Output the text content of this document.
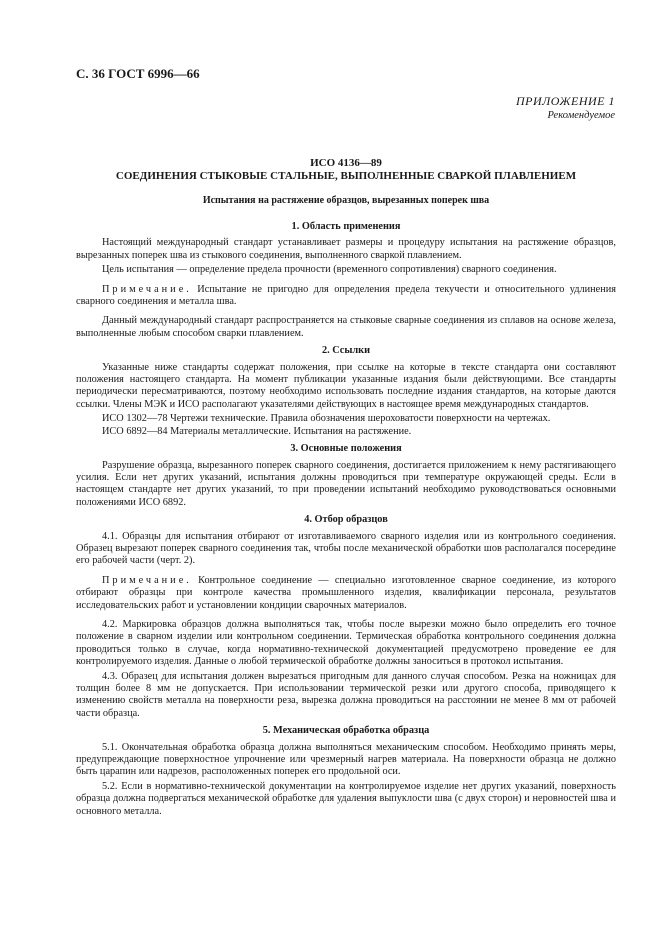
С. 36 ГОСТ 6996—66
ПРИЛОЖЕНИЕ 1
Рекомендуемое
ИСО 4136—89
СОЕДИНЕНИЯ СТЫКОВЫЕ СТАЛЬНЫЕ, ВЫПОЛНЕННЫЕ СВАРКОЙ ПЛАВЛЕНИЕМ
Испытания на растяжение образцов, вырезанных поперек шва
1. Область применения

Настоящий международный стандарт устанавливает размеры и процедуру испытания на растяжение образцов, вырезанных поперек шва из стыкового соединения, выполненного сваркой плавлением.

Цель испытания — определение предела прочности (временного сопротивления) сварного соединения.

Примечание. Испытание не пригодно для определения предела текучести и относительного удлинения сварного соединения и металла шва.

Данный международный стандарт распространяется на стыковые сварные соединения из сплавов на основе железа, выполненные любым способом сварки плавлением.

2. Ссылки

Указанные ниже стандарты содержат положения, при ссылке на которые в тексте стандарта они составляют положения настоящего стандарта. На момент публикации указанные издания были действующими. Все стандарты периодически пересматриваются, поэтому необходимо использовать последние издания стандартов, на которые даются ссылки. Члены МЭК и ИСО располагают указателями действующих в настоящее время международных стандартов.

ИСО 1302—78 Чертежи технические. Правила обозначения шероховатости поверхности на чертежах.

ИСО 6892—84 Материалы металлические. Испытания на растяжение.

3. Основные положения

Разрушение образца, вырезанного поперек сварного соединения, достигается приложением к нему растягивающего усилия. Если нет других указаний, испытания должны проводиться при температуре окружающей среды. Если в настоящем стандарте нет других указаний, то при проведении испытаний необходимо руководствоваться основными положениями ИСО 6892.

4. Отбор образцов

4.1. Образцы для испытания отбирают от изготавливаемого сварного изделия или из контрольного соединения. Образец вырезают поперек сварного соединения так, чтобы после механической обработки шов располагался посередине его рабочей части (черт. 2).

Примечание. Контрольное соединение — специально изготовленное сварное соединение, из которого отбирают образцы при контроле качества промышленного изделия, квалификации персонала, результатов исследовательских работ и установлении кондиции сварочных материалов.

4.2. Маркировка образцов должна выполняться так, чтобы после вырезки можно было определить его точное положение в сварном изделии или контрольном соединении. Термическая обработка контрольного соединения должна проводиться только в случае, когда нормативно-технической документацией предусмотрено проведение ее для контролируемого изделия. Данные о любой термической обработке должны заноситься в протокол испытания.

4.3. Образец для испытания должен вырезаться пригодным для данного случая способом. Резка на ножницах для толщин более 8 мм не допускается. При использовании термической резки или другого способа, приводящего к изменению свойств металла на поверхности реза, вырезка должна проводиться на расстоянии не менее 8 мм от рабочей части образца.

5. Механическая обработка образца

5.1. Окончательная обработка образца должна выполняться механическим способом. Необходимо принять меры, предупреждающие поверхностное упрочнение или чрезмерный нагрев материала. На поверхности образца не должно быть царапин или надрезов, расположенных поперек его продольной оси.

5.2. Если в нормативно-технической документации на контролируемое изделие нет других указаний, поверхность образца должна подвергаться механической обработке для удаления выпуклости шва (с двух сторон) и неровностей шва и основного металла.
